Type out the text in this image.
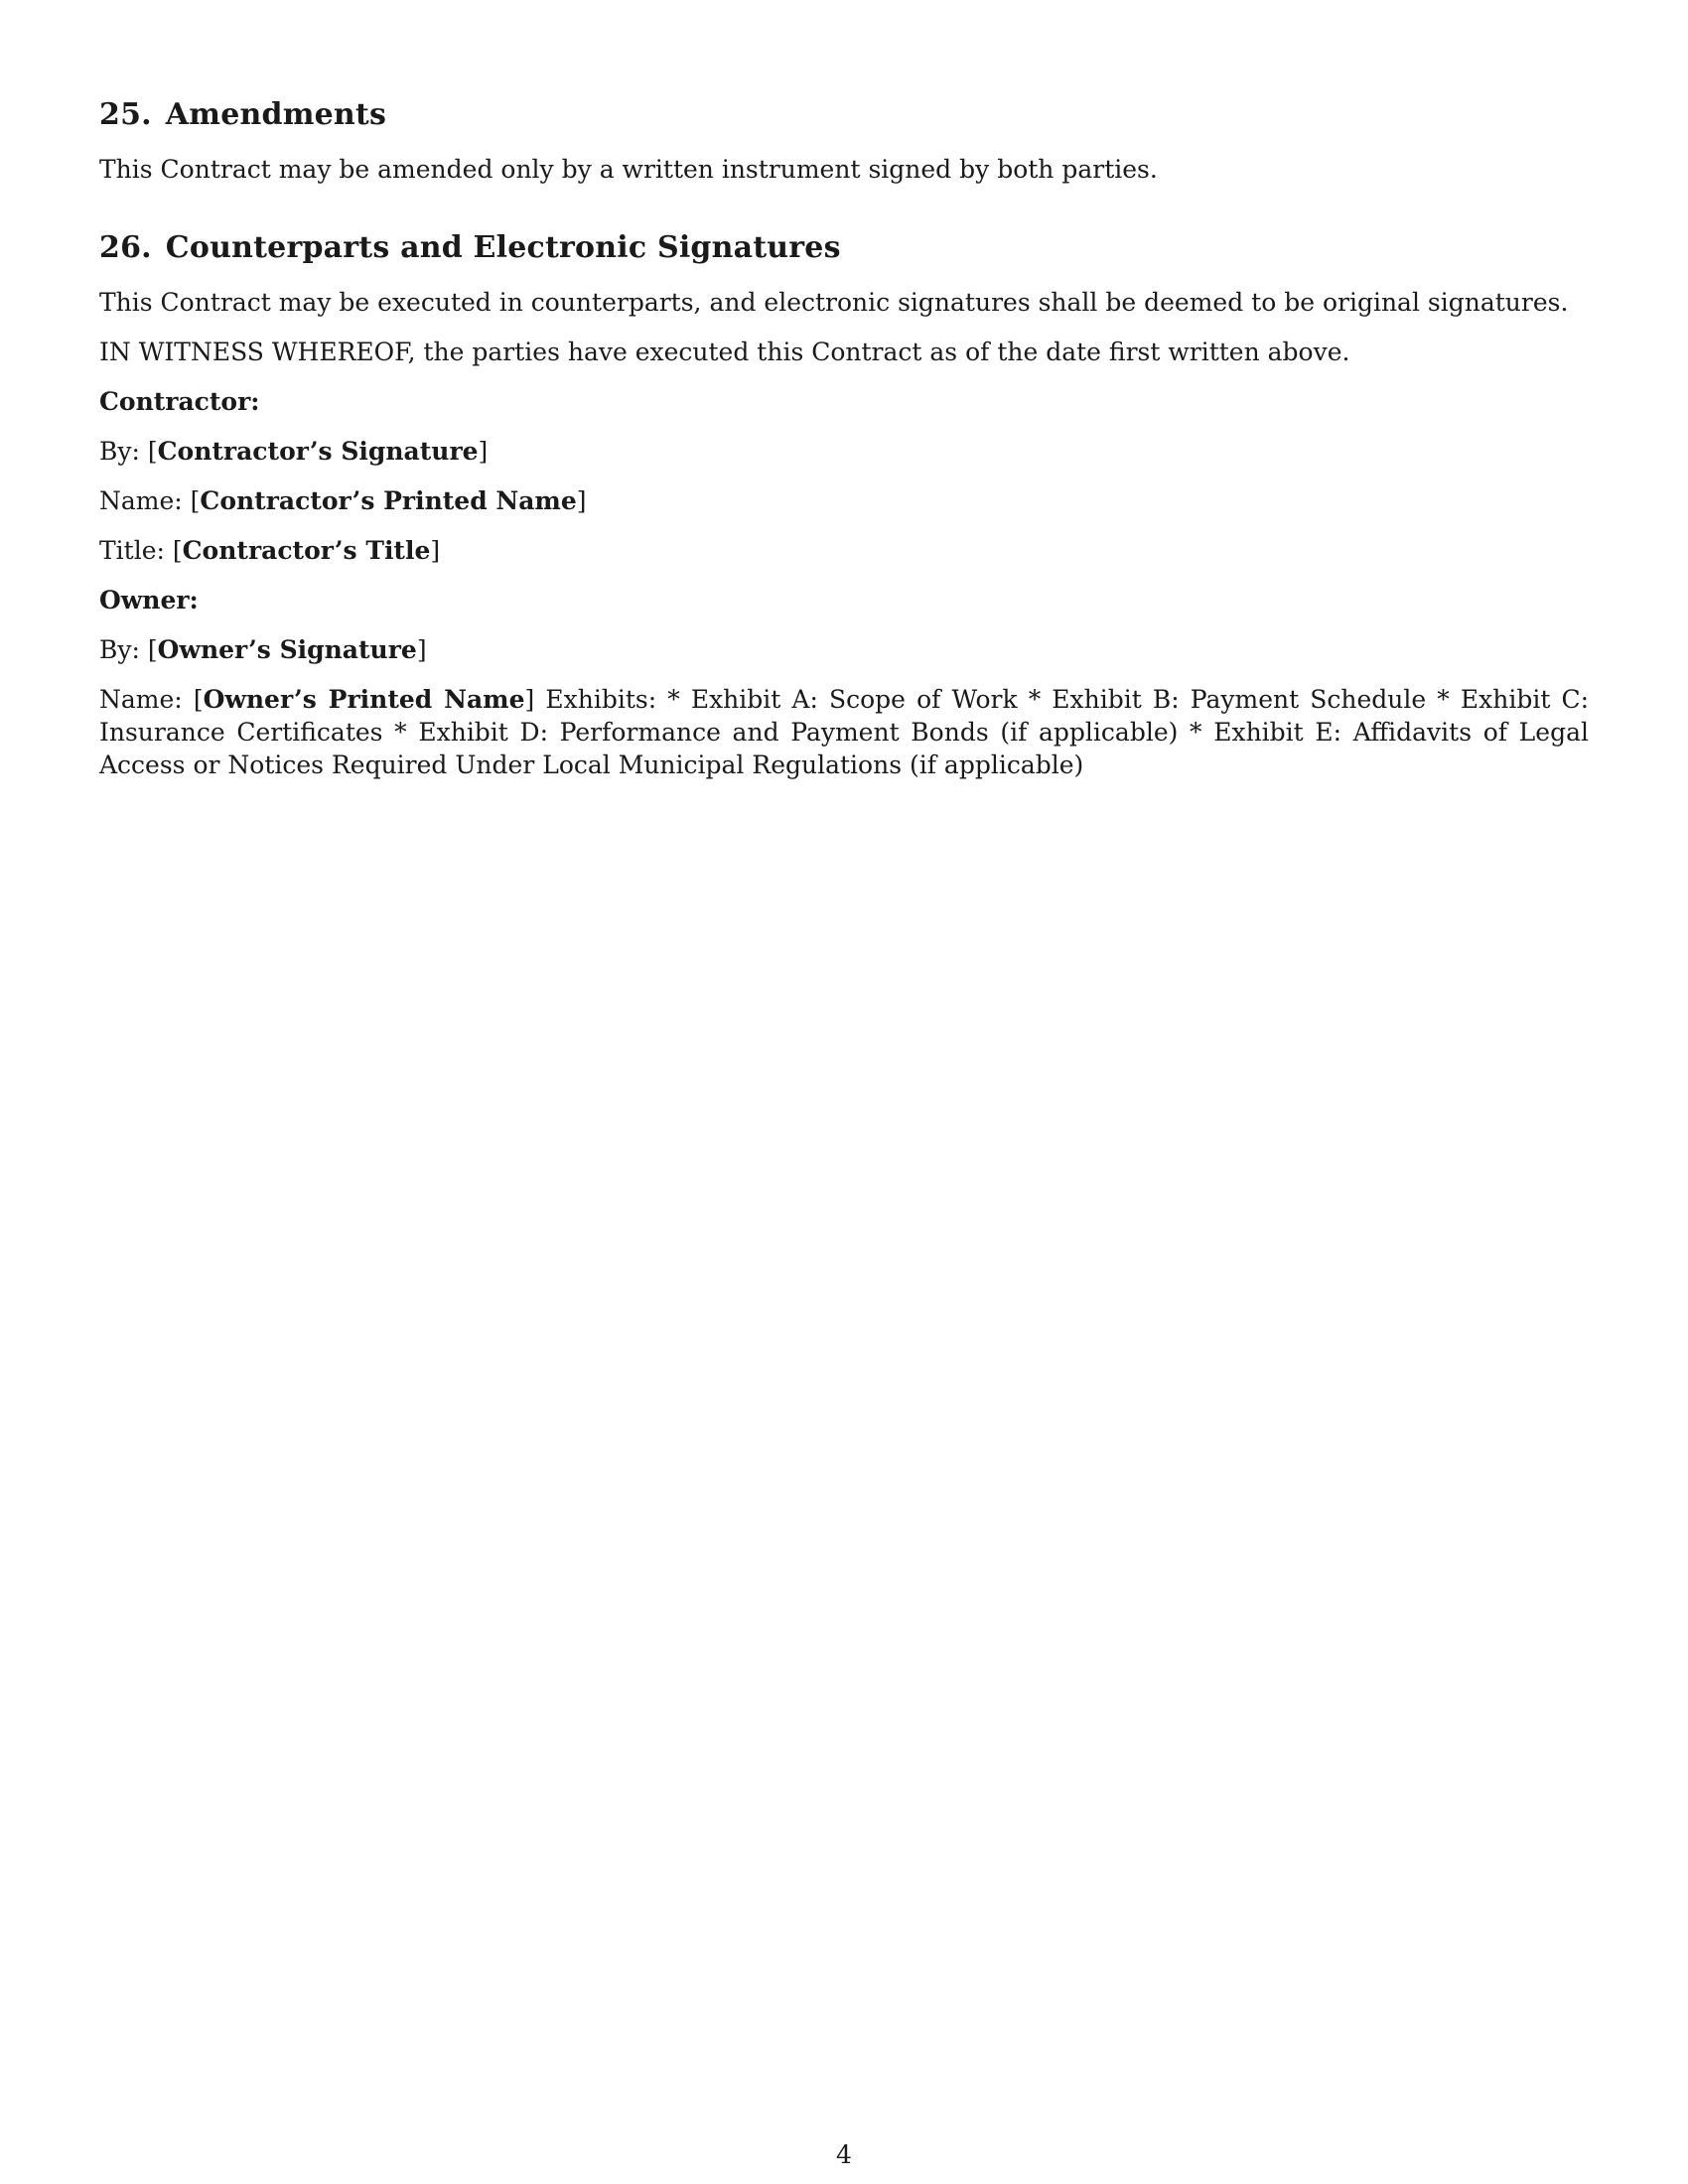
25. Amendments

This Contract may be amended only by a written instrument signed by both parties.

26. Counterparts and Electronic Signatures

This Contract may be executed in counterparts, and electronic signatures shall be deemed to be original signatures.

IN WITNESS WHEREOF, the parties have executed this Contract as of the date first written above.

Contractor:

By: [Contractor’s Signature]

Name: [Contractor’s Printed Name]

Title: [Contractor’s Title]

Owner:

By: [Owner’s Signature]

Name: [Owner’s Printed Name] Exhibits: * Exhibit A: Scope of Work * Exhibit B: Payment Schedule * Exhibit C: Insurance Certificates * Exhibit D: Performance and Payment Bonds (if applicable) * Exhibit E: Affidavits of Legal Access or Notices Required Under Local Municipal Regulations (if applicable)

4
